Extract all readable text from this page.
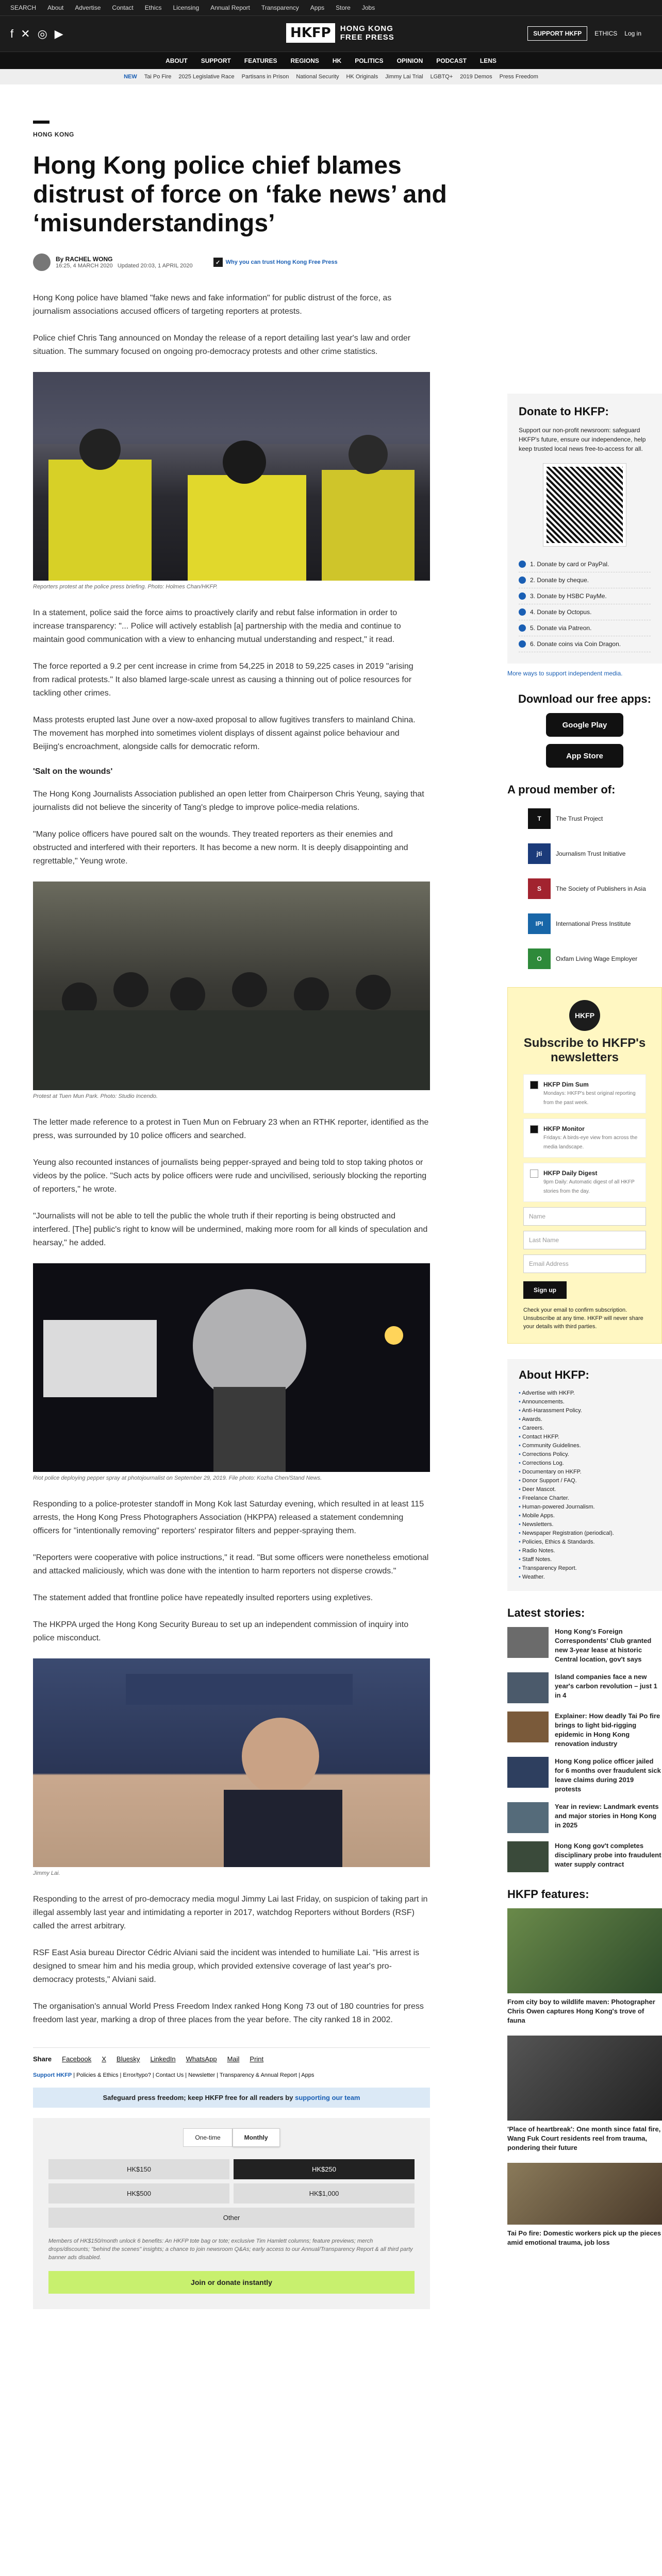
SEARCH About Advertise Contact Ethics Licensing Annual Report Transparency Apps Store Jobs
f ✕ ◎ ▶	HKFP	HONG KONG
FREE PRESS	SUPPORT HKFP	ETHICS Log in
ABOUT SUPPORT FEATURES REGIONS HK POLITICS OPINION PODCAST LENS
NEW Tai Po Fire 2025 Legislative Race Partisans in Prison National Security HK Originals Jimmy Lai Trial LGBTQ+ 2019 Demos Press Freedom
HONG KONG
Hong Kong police chief blames distrust of force on ‘fake news’ and ‘misunderstandings’
By RACHEL WONG
16:25, 4 MARCH 2020 Updated 20:03, 1 APRIL 2020
✓ Why you can trust Hong Kong Free Press

Hong Kong police have blamed "fake news and fake information" for public distrust of the force, as journalism associations accused officers of targeting reporters at protests.

Police chief Chris Tang announced on Monday the release of a report detailing last year's law and order situation. The summary focused on ongoing pro-democracy protests and other crime statistics.

Reporters protest at the police press briefing. Photo: Holmes Chan/HKFP.

In a statement, police said the force aims to proactively clarify and rebut false information in order to increase transparency: "... Police will actively establish [a] partnership with the media and continue to maintain good communication with a view to enhancing mutual understanding and respect," it read.

The force reported a 9.2 per cent increase in crime from 54,225 in 2018 to 59,225 cases in 2019 "arising from radical protests." It also blamed large-scale unrest as causing a thinning out of police resources for tackling other crimes.

Mass protests erupted last June over a now-axed proposal to allow fugitives transfers to mainland China. The movement has morphed into sometimes violent displays of dissent against police behaviour and Beijing's encroachment, alongside calls for democratic reform.

'Salt on the wounds'

The Hong Kong Journalists Association published an open letter from Chairperson Chris Yeung, saying that journalists did not believe the sincerity of Tang's pledge to improve police-media relations.

"Many police officers have poured salt on the wounds. They treated reporters as their enemies and obstructed and interfered with their reporters. It has become a new norm. It is deeply disappointing and regrettable," Yeung wrote.

Protest at Tuen Mun Park. Photo: Studio Incendo.

The letter made reference to a protest in Tuen Mun on February 23 when an RTHK reporter, identified as the press, was surrounded by 10 police officers and searched.

Yeung also recounted instances of journalists being pepper-sprayed and being told to stop taking photos or videos by the police. "Such acts by police officers were rude and uncivilised, seriously blocking the reporting of reporters," he wrote.

"Journalists will not be able to tell the public the whole truth if their reporting is being obstructed and interfered. [The] public's right to know will be undermined, making more room for all kinds of speculation and hearsay," he added.

Riot police deploying pepper spray at photojournalist on September 29, 2019. File photo: Kozha Chen/Stand News.

Responding to a police-protester standoff in Mong Kok last Saturday evening, which resulted in at least 115 arrests, the Hong Kong Press Photographers Association (HKPPA) released a statement condemning officers for "intentionally removing" reporters' respirator filters and pepper-spraying them.

"Reporters were cooperative with police instructions," it read. "But some officers were nonetheless emotional and attacked maliciously, which was done with the intention to harm reporters not disperse crowds."

The statement added that frontline police have repeatedly insulted reporters using expletives.

The HKPPA urged the Hong Kong Security Bureau to set up an independent commission of inquiry into police misconduct.

Jimmy Lai.

Responding to the arrest of pro-democracy media mogul Jimmy Lai last Friday, on suspicion of taking part in illegal assembly last year and intimidating a reporter in 2017, watchdog Reporters without Borders (RSF) called the arrest arbitrary.

RSF East Asia bureau Director Cédric Alviani said the incident was intended to humiliate Lai. "His arrest is designed to smear him and his media group, which provided extensive coverage of last year's pro-democracy protests," Alviani said.

The organisation's annual World Press Freedom Index ranked Hong Kong 73 out of 180 countries for press freedom last year, marking a drop of three places from the year before. The city ranked 18 in 2002.

Share Facebook X Bluesky LinkedIn WhatsApp Mail Print
Support HKFP | Policies & Ethics | Error/typo? | Contact Us | Newsletter | Transparency & Annual Report | Apps
Safeguard press freedom; keep HKFP free for all readers by supporting our team
One-time	Monthly
HK$150	HK$250
HK$500	HK$1,000
Other
Members of HK$150/month unlock 6 benefits: An HKFP tote bag or tote; exclusive Tim Hamlett columns; feature previews; merch drops/discounts; "behind the scenes" insights; a chance to join newsroom Q&As; early access to our Annual/Transparency Report & all third party banner ads disabled.
Join or donate instantly
Donate to HKFP:

Support our non-profit newsroom: safeguard HKFP's future, ensure our independence, help keep trusted local news free-to-access for all.

1. Donate by card or PayPal.
2. Donate by cheque.
3. Donate by HSBC PayMe.
4. Donate by Octopus.
5. Donate via Patreon.
6. Donate coins via Coin Dragon.
More ways to support independent media.
Download our free apps:
Google Play
App Store
A proud member of:
T	The Trust Project
jti	Journalism Trust Initiative
S	The Society of Publishers in Asia
IPI	International Press Institute
O	Oxfam Living Wage Employer
HKFP
Subscribe to HKFP's newsletters
HKFP Dim Sum
Mondays: HKFP's best original reporting from the past week.
HKFP Monitor
Fridays: A birds-eye view from across the media landscape.
HKFP Daily Digest
9pm Daily: Automatic digest of all HKFP stories from the day.
Name
Last Name
Email Address
Sign up
Check your email to confirm subscription. Unsubscribe at any time. HKFP will never share your details with third parties.
About HKFP:
• Advertise with HKFP.
• Announcements.
• Anti-Harassment Policy.
• Awards.
• Careers.
• Contact HKFP.
• Community Guidelines.
• Corrections Policy.
• Corrections Log.
• Documentary on HKFP.
• Donor Support / FAQ.
• Deer Mascot.
• Freelance Charter.
• Human-powered Journalism.
• Mobile Apps.
• Newsletters.
• Newspaper Registration (periodical).
• Policies, Ethics & Standards.
• Radio Notes.
• Staff Notes.
• Transparency Report.
• Weather.
Latest stories:
Hong Kong's Foreign Correspondents' Club granted new 3-year lease at historic Central location, gov't says
Island companies face a new year's carbon revolution – just 1 in 4
Explainer: How deadly Tai Po fire brings to light bid-rigging epidemic in Hong Kong renovation industry
Hong Kong police officer jailed for 6 months over fraudulent sick leave claims during 2019 protests
Year in review: Landmark events and major stories in Hong Kong in 2025
Hong Kong gov't completes disciplinary probe into fraudulent water supply contract
HKFP features:
From city boy to wildlife maven: Photographer Chris Owen captures Hong Kong's trove of fauna
'Place of heartbreak': One month since fatal fire, Wang Fuk Court residents reel from trauma, pondering their future
Tai Po fire: Domestic workers pick up the pieces amid emotional trauma, job loss
